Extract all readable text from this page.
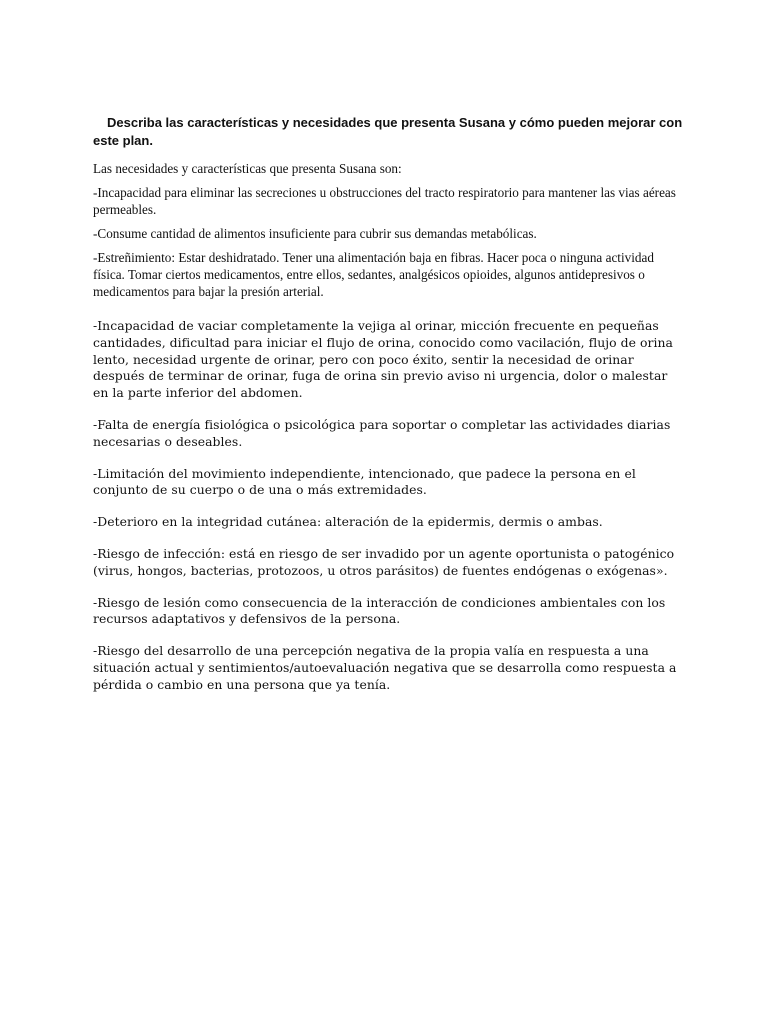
Describa las características y necesidades que presenta Susana y cómo pueden mejorar con este plan.

Las necesidades y características que presenta Susana son:

-Incapacidad para eliminar las secreciones u obstrucciones del tracto respiratorio para mantener las vias aéreas permeables.

-Consume cantidad de alimentos insuficiente para cubrir sus demandas metabólicas.

-Estreñimiento: Estar deshidratado. Tener una alimentación baja en fibras. Hacer poca o ninguna actividad física. Tomar ciertos medicamentos, entre ellos, sedantes, analgésicos opioides, algunos antidepresivos o medicamentos para bajar la presión arterial.

-Incapacidad de vaciar completamente la vejiga al orinar, micción frecuente en pequeñas cantidades, dificultad para iniciar el flujo de orina, conocido como vacilación, flujo de orina lento, necesidad urgente de orinar, pero con poco éxito, sentir la necesidad de orinar después de terminar de orinar, fuga de orina sin previo aviso ni urgencia, dolor o malestar en la parte inferior del abdomen.

-Falta de energía fisiológica o psicológica para soportar o completar las actividades diarias necesarias o deseables.

-Limitación del movimiento independiente, intencionado, que padece la persona en el conjunto de su cuerpo o de una o más extremidades.

-Deterioro en la integridad cutánea: alteración de la epidermis, dermis o ambas.

-Riesgo de infección: está en riesgo de ser invadido por un agente oportunista o patogénico (virus, hongos, bacterias, protozoos, u otros parásitos) de fuentes endógenas o exógenas».

-Riesgo de lesión como consecuencia de la interacción de condiciones ambientales con los recursos adaptativos y defensivos de la persona.

-Riesgo del desarrollo de una percepción negativa de la propia valía en respuesta a una situación actual y sentimientos/autoevaluación negativa que se desarrolla como respuesta a pérdida o cambio en una persona que ya tenía.
